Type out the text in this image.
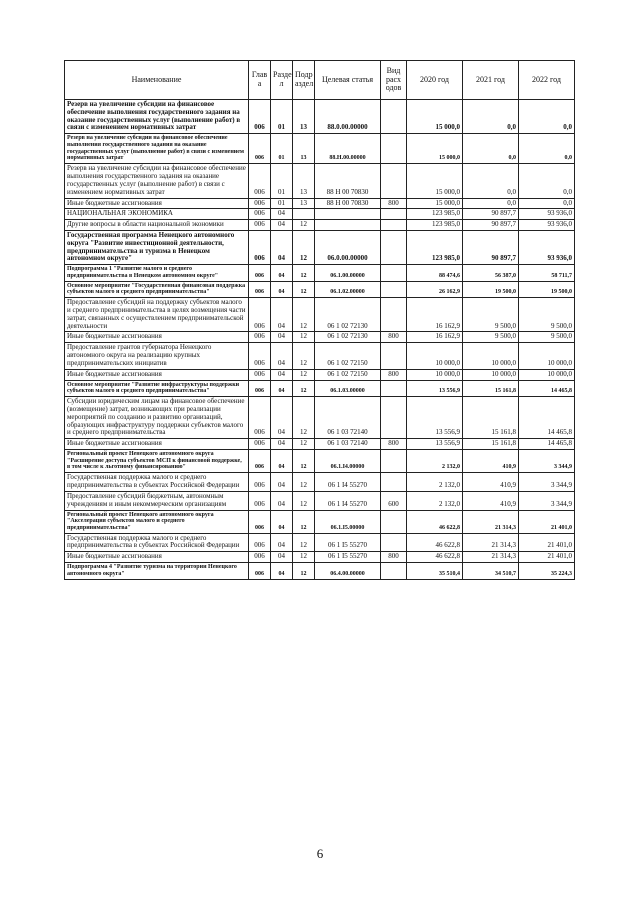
Наименование	Глав а	Разде л	Подр аздел	Целевая статья	Вид расх одов	2020 год	2021 год	2022 год
Резерв на увеличение субсидии на финансовое обеспечение выполнения государственного задания на оказание государственных услуг (выполнение работ) в связи с изменением нормативных затрат	006	01	13	88.0.00.00000		15 000,0	0,0	0,0
Резерв на увеличение субсидии на финансовое обеспечение выполнения государственного задания на оказание государственных услуг (выполнение работ) в связи с изменением нормативных затрат	006	01	13	88.Н.00.00000		15 000,0	0,0	0,0
Резерв на увеличение субсидии на финансовое обеспечение выполнения государственного задания на оказание государственных услуг (выполнение работ) в связи с изменением нормативных затрат	006	01	13	88 Н 00 70830		15 000,0	0,0	0,0
Иные бюджетные ассигнования	006	01	13	88 Н 00 70830	800	15 000,0	0,0	0,0
НАЦИОНАЛЬНАЯ ЭКОНОМИКА	006	04				123 985,0	90 897,7	93 936,0
Другие вопросы в области национальной экономики	006	04	12			123 985,0	90 897,7	93 936,0
Государственная программа Ненецкого автономного округа "Развитие инвестиционной деятельности, предпринимательства и туризма в Ненецком автономном округе"	006	04	12	06.0.00.00000		123 985,0	90 897,7	93 936,0
Подпрограмма 1 "Развитие малого и среднего предпринимательства в Ненецком автономном округе"	006	04	12	06.1.00.00000		88 474,6	56 387,0	58 711,7
Основное мероприятие "Государственная финансовая поддержка субъектов малого и среднего предпринимательства"	006	04	12	06.1.02.00000		26 162,9	19 500,0	19 500,0
Предоставление субсидий на поддержку субъектов малого и среднего предпринимательства в целях возмещения части затрат, связанных с осуществлением предпринимательской деятельности	006	04	12	06 1 02 72130		16 162,9	9 500,0	9 500,0
Иные бюджетные ассигнования	006	04	12	06 1 02 72130	800	16 162,9	9 500,0	9 500,0
Предоставление грантов губернатора Ненецкого автономного округа на реализацию крупных предпринимательских инициатив	006	04	12	06 1 02 72150		10 000,0	10 000,0	10 000,0
Иные бюджетные ассигнования	006	04	12	06 1 02 72150	800	10 000,0	10 000,0	10 000,0
Основное мероприятие "Развитие инфраструктуры поддержки субъектов малого и среднего предпринимательства"	006	04	12	06.1.03.00000		13 556,9	15 161,8	14 465,8
Субсидии юридическим лицам на финансовое обеспечение (возмещение) затрат, возникающих при реализации мероприятий по созданию и развитию организаций, образующих инфраструктуру поддержки субъектов малого и среднего предпринимательства	006	04	12	06 1 03 72140		13 556,9	15 161,8	14 465,8
Иные бюджетные ассигнования	006	04	12	06 1 03 72140	800	13 556,9	15 161,8	14 465,8
Региональный проект Ненецкого автономного округа "Расширение доступа субъектов МСП к финансовой поддержке, в том числе к льготному финансированию"	006	04	12	06.1.I4.00000		2 132,0	410,9	3 344,9
Государственная поддержка малого и среднего предпринимательства в субъектах Российской Федерации	006	04	12	06 1 I4 55270		2 132,0	410,9	3 344,9
Предоставление субсидий бюджетным, автономным учреждениям и иным некоммерческим организациям	006	04	12	06 1 I4 55270	600	2 132,0	410,9	3 344,9
Региональный проект Ненецкого автономного округа "Акселерация субъектов малого и среднего предпринимательства"	006	04	12	06.1.I5.00000		46 622,8	21 314,3	21 401,0
Государственная поддержка малого и среднего предпринимательства в субъектах Российской Федерации	006	04	12	06 1 I5 55270		46 622,8	21 314,3	21 401,0
Иные бюджетные ассигнования	006	04	12	06 1 I5 55270	800	46 622,8	21 314,3	21 401,0
Подпрограмма 4 "Развитие туризма на территории Ненецкого автономного округа"	006	04	12	06.4.00.00000		35 510,4	34 510,7	35 224,3
6
